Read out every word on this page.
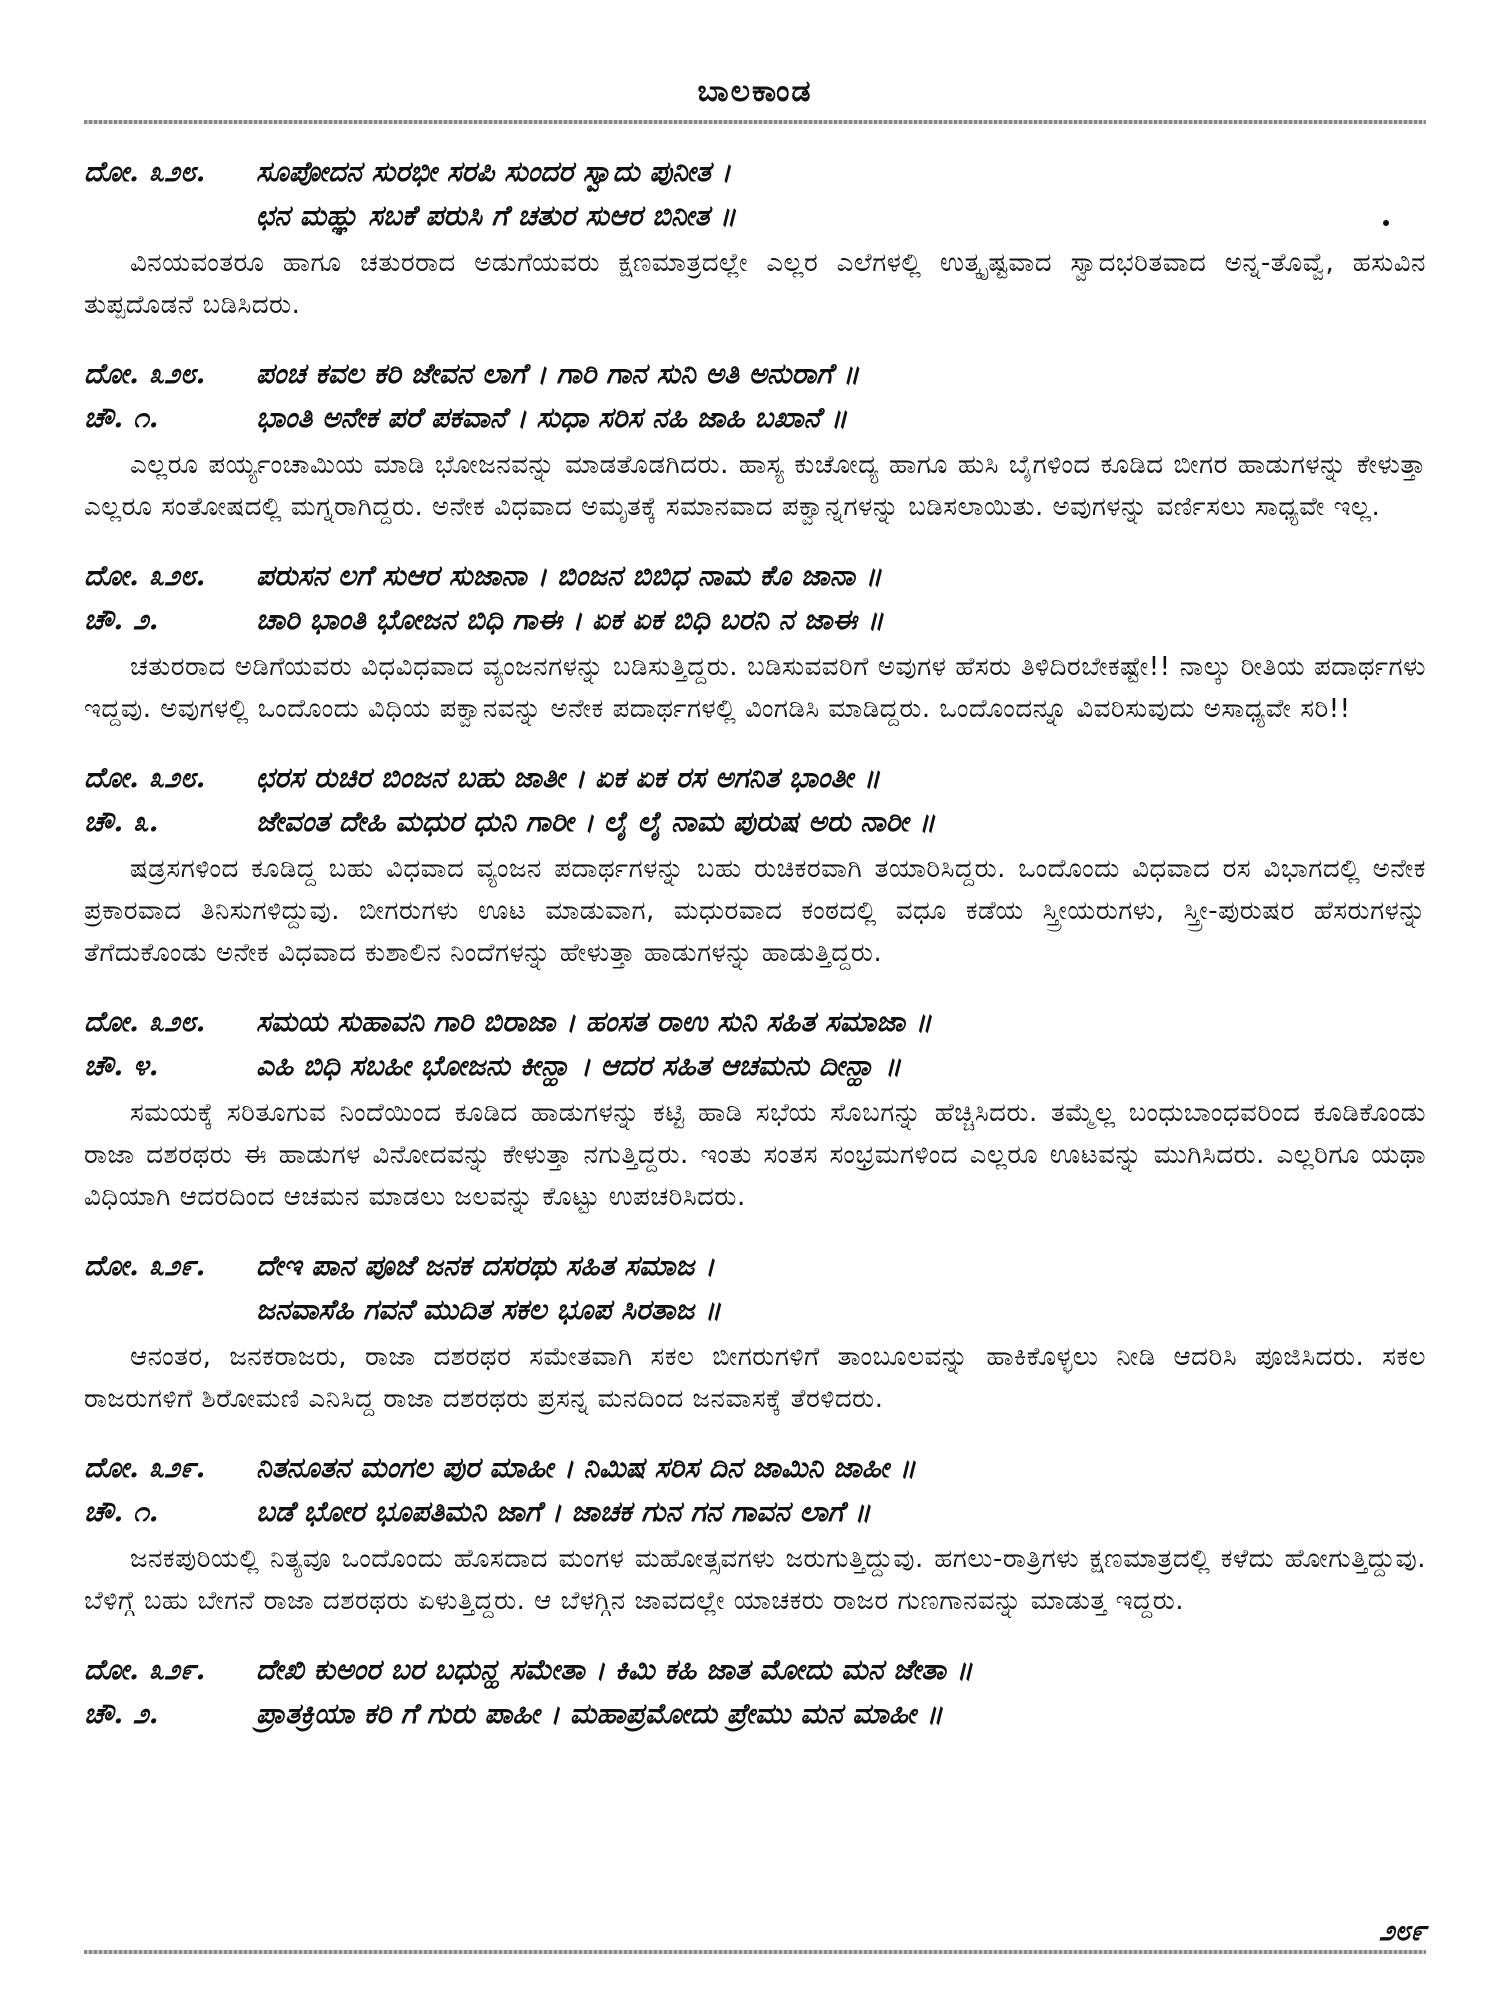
ಬಾಲಕಾಂಡ
ದೋ. ೩೨೮. ಸೂಪೋದನ ಸುರಭೀ ಸರಪಿ ಸುಂದರ ಸ್ವಾದು ಪುನೀತ ।
ಛನ ಮಹ್ಞು ಸಬಕೆ ಪರುಸಿ ಗೆ ಚತುರ ಸುಆರ ಬಿನೀತ ॥

ವಿನಯವಂತರೂ ಹಾಗೂ ಚತುರರಾದ ಅಡುಗೆಯವರು ಕ್ಷಣಮಾತ್ರದಲ್ಲೇ ಎಲ್ಲರ ಎಲೆಗಳಲ್ಲಿ ಉತ್ಕೃಷ್ಟವಾದ ಸ್ವಾದಭರಿತವಾದ ಅನ್ನ-ತೊವ್ವೆ, ಹಸುವಿನ ತುಪ್ಪದೊಡನೆ ಬಡಿಸಿದರು.

ದೋ. ೩೨೮. ಪಂಚ ಕವಲ ಕರಿ ಜೇವನ ಲಾಗೆ । ಗಾರಿ ಗಾನ ಸುನಿ ಅತಿ ಅನುರಾಗೆ ॥
ಚೌ. ೧.	ಭಾಂತಿ ಅನೇಕ ಪರೆ ಪಕವಾನೆ । ಸುಧಾ ಸರಿಸ ನಹಿ ಜಾಹಿ ಬಖಾನೆ ॥

ಎಲ್ಲರೂ ಪರ್ಯ್ಯಂಚಾಮಿಯ ಮಾಡಿ ಭೋಜನವನ್ನು ಮಾಡತೊಡಗಿದರು. ಹಾಸ್ಯ ಕುಚೋದ್ಯ ಹಾಗೂ ಹುಸಿ ಬೈಗಳಿಂದ ಕೂಡಿದ ಬೀಗರ ಹಾಡುಗಳನ್ನು ಕೇಳುತ್ತಾ ಎಲ್ಲರೂ ಸಂತೋಷದಲ್ಲಿ ಮಗ್ನರಾಗಿದ್ದರು. ಅನೇಕ ವಿಧವಾದ ಅಮೃತಕ್ಕೆ ಸಮಾನವಾದ ಪಕ್ವಾನ್ನಗಳನ್ನು ಬಡಿಸಲಾಯಿತು. ಅವುಗಳನ್ನು ವರ್ಣಿಸಲು ಸಾಧ್ಯವೇ ಇಲ್ಲ.

ದೋ. ೩೨೮. ಪರುಸನ ಲಗೆ ಸುಆರ ಸುಜಾನಾ । ಬಿಂಜನ ಬಿಬಿಧ ನಾಮ ಕೊ ಜಾನಾ ॥
ಚೌ. ೨.	ಚಾರಿ ಭಾಂತಿ ಭೋಜನ ಬಿಧಿ ಗಾಈ । ಏಕ ಏಕ ಬಿಧಿ ಬರನಿ ನ ಜಾಈ ॥

ಚತುರರಾದ ಅಡಿಗೆಯವರು ವಿಧವಿಧವಾದ ವ್ಯಂಜನಗಳನ್ನು ಬಡಿಸುತ್ತಿದ್ದರು. ಬಡಿಸುವವರಿಗೆ ಅವುಗಳ ಹೆಸರು ತಿಳಿದಿರಬೇಕಷ್ಟೇ!! ನಾಲ್ಕು ರೀತಿಯ ಪದಾರ್ಥಗಳು ಇದ್ದವು. ಅವುಗಳಲ್ಲಿ ಒಂದೊಂದು ವಿಧಿಯ ಪಕ್ವಾನವನ್ನು ಅನೇಕ ಪದಾರ್ಥಗಳಲ್ಲಿ ವಿಂಗಡಿಸಿ ಮಾಡಿದ್ದರು. ಒಂದೊಂದನ್ನೂ ವಿವರಿಸುವುದು ಅಸಾಧ್ಯವೇ ಸರಿ!!

ದೋ. ೩೨೮. ಛರಸ ರುಚಿರ ಬಿಂಜನ ಬಹು ಜಾತೀ । ಏಕ ಏಕ ರಸ ಅಗನಿತ ಭಾಂತೀ ॥
ಚೌ. ೩.	ಜೇವಂತ ದೇಹಿ ಮಧುರ ಧುನಿ ಗಾರೀ । ಲೈ ಲೈ ನಾಮ ಪುರುಷ ಅರು ನಾರೀ ॥

ಷಡ್ರಸಗಳಿಂದ ಕೂಡಿದ್ದ ಬಹು ವಿಧವಾದ ವ್ಯಂಜನ ಪದಾರ್ಥಗಳನ್ನು ಬಹು ರುಚಿಕರವಾಗಿ ತಯಾರಿಸಿದ್ದರು. ಒಂದೊಂದು ವಿಧವಾದ ರಸ ವಿಭಾಗದಲ್ಲಿ ಅನೇಕ ಪ್ರಕಾರವಾದ ತಿನಿಸುಗಳಿದ್ದುವು. ಬೀಗರುಗಳು ಊಟ ಮಾಡುವಾಗ, ಮಧುರವಾದ ಕಂಠದಲ್ಲಿ ವಧೂ ಕಡೆಯ ಸ್ತ್ರೀಯರುಗಳು, ಸ್ತ್ರೀ-ಪುರುಷರ ಹೆಸರುಗಳನ್ನು ತೆಗೆದುಕೊಂಡು ಅನೇಕ ವಿಧವಾದ ಕುಶಾಲಿನ ನಿಂದೆಗಳನ್ನು ಹೇಳುತ್ತಾ ಹಾಡುಗಳನ್ನು ಹಾಡುತ್ತಿದ್ದರು.

ದೋ. ೩೨೮. ಸಮಯ ಸುಹಾವನಿ ಗಾರಿ ಬಿರಾಜಾ । ಹಂಸತ ರಾಉ ಸುನಿ ಸಹಿತ ಸಮಾಜಾ ॥
ಚೌ. ೪.	ಎಹಿ ಬಿಧಿ ಸಬಹೀ ಭೋಜನು ಕೀನ್ಹಾ । ಆದರ ಸಹಿತ ಆಚಮನು ದೀನ್ಹಾ ॥

ಸಮಯಕ್ಕೆ ಸರಿತೂಗುವ ನಿಂದೆಯಿಂದ ಕೂಡಿದ ಹಾಡುಗಳನ್ನು ಕಟ್ಟಿ ಹಾಡಿ ಸಭೆಯ ಸೊಬಗನ್ನು ಹೆಚ್ಚಿಸಿದರು. ತಮ್ಮೆಲ್ಲ ಬಂಧುಬಾಂಧವರಿಂದ ಕೂಡಿಕೊಂಡು ರಾಜಾ ದಶರಥರು ಈ ಹಾಡುಗಳ ವಿನೋದವನ್ನು ಕೇಳುತ್ತಾ ನಗುತ್ತಿದ್ದರು. ಇಂತು ಸಂತಸ ಸಂಭ್ರಮಗಳಿಂದ ಎಲ್ಲರೂ ಊಟವನ್ನು ಮುಗಿಸಿದರು. ಎಲ್ಲರಿಗೂ ಯಥಾ ವಿಧಿಯಾಗಿ ಆದರದಿಂದ ಆಚಮನ ಮಾಡಲು ಜಲವನ್ನು ಕೊಟ್ಟು ಉಪಚರಿಸಿದರು.

ದೋ. ೩೨೯. ದೇಇ ಪಾನ ಪೂಜೆ ಜನಕ ದಸರಥು ಸಹಿತ ಸಮಾಜ ।
ಜನವಾಸೆಹಿ ಗವನೆ ಮುದಿತ ಸಕಲ ಭೂಪ ಸಿರತಾಜ ॥

ಆನಂತರ, ಜನಕರಾಜರು, ರಾಜಾ ದಶರಥರ ಸಮೇತವಾಗಿ ಸಕಲ ಬೀಗರುಗಳಿಗೆ ತಾಂಬೂಲವನ್ನು ಹಾಕಿಕೊಳ್ಳಲು ನೀಡಿ ಆದರಿಸಿ ಪೂಜಿಸಿದರು. ಸಕಲ ರಾಜರುಗಳಿಗೆ ಶಿರೋಮಣಿ ಎನಿಸಿದ್ದ ರಾಜಾ ದಶರಥರು ಪ್ರಸನ್ನ ಮನದಿಂದ ಜನವಾಸಕ್ಕೆ ತೆರಳಿದರು.

ದೋ. ೩೨೯. ನಿತನೂತನ ಮಂಗಲ ಪುರ ಮಾಹೀ । ನಿಮಿಷ ಸರಿಸ ದಿನ ಜಾಮಿನಿ ಜಾಹೀ ॥
ಚೌ. ೧.	ಬಡೆ ಭೋರ ಭೂಪತಿಮನಿ ಜಾಗೆ । ಜಾಚಕ ಗುನ ಗನ ಗಾವನ ಲಾಗೆ ॥

ಜನಕಪುರಿಯಲ್ಲಿ ನಿತ್ಯವೂ ಒಂದೊಂದು ಹೊಸದಾದ ಮಂಗಳ ಮಹೋತ್ಸವಗಳು ಜರುಗುತ್ತಿದ್ದುವು. ಹಗಲು-ರಾತ್ರಿಗಳು ಕ್ಷಣಮಾತ್ರದಲ್ಲಿ ಕಳೆದು ಹೋಗುತ್ತಿದ್ದುವು. ಬೆಳಿಗ್ಗೆ ಬಹು ಬೇಗನೆ ರಾಜಾ ದಶರಥರು ಏಳುತ್ತಿದ್ದರು. ಆ ಬೆಳಗ್ಗಿನ ಜಾವದಲ್ಲೇ ಯಾಚಕರು ರಾಜರ ಗುಣಗಾನವನ್ನು ಮಾಡುತ್ತ ಇದ್ದರು.

ದೋ. ೩೨೯. ದೇಖಿ ಕುಅಂರ ಬರ ಬಧುನ್ಹ ಸಮೇತಾ । ಕಿಮಿ ಕಹಿ ಜಾತ ಮೋದು ಮನ ಜೇತಾ ॥
ಚೌ. ೨.	ಪ್ರಾತಕ್ರಿಯಾ ಕರಿ ಗೆ ಗುರು ಪಾಹೀ । ಮಹಾಪ್ರಮೋದು ಪ್ರೇಮು ಮನ ಮಾಹೀ ॥
೨೮೯
